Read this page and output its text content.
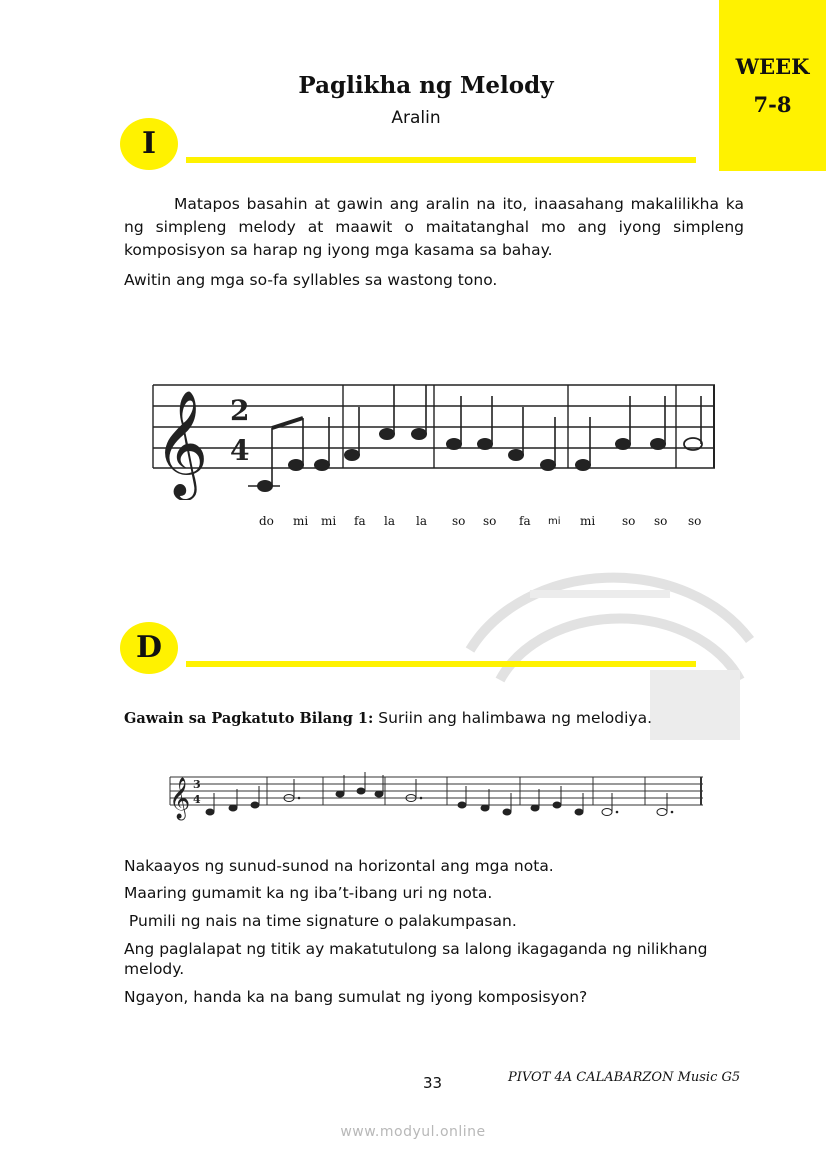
WEEK
7-8
Paglikha ng Melody
Aralin
I
Matapos basahin at gawin ang aralin na ito, inaasahang makalilikha ka ng simpleng melody at maawit o maitatanghal mo ang iyong simpleng komposisyon sa harap ng iyong mga kasama sa bahay.
Awitin ang mga so-fa syllables sa wastong tono.
𝄞 2
4
do mi mi fa la la so so fa mi mi so so so
D
Gawain sa Pagkatuto Bilang 1: Suriin ang halimbawa ng melodiya.
𝄞 3
4
Nakaayos ng sunud-sunod na horizontal ang mga nota.
Maaring gumamit ka ng iba’t-ibang uri ng nota.
Pumili ng nais na time signature o palakumpasan.
Ang paglalapat ng titik ay makatutulong sa lalong ikagaganda ng nilikhang melody.
Ngayon, handa ka na bang sumulat ng iyong komposisyon?
33	PIVOT 4A CALABARZON Music G5
www.modyul.online
